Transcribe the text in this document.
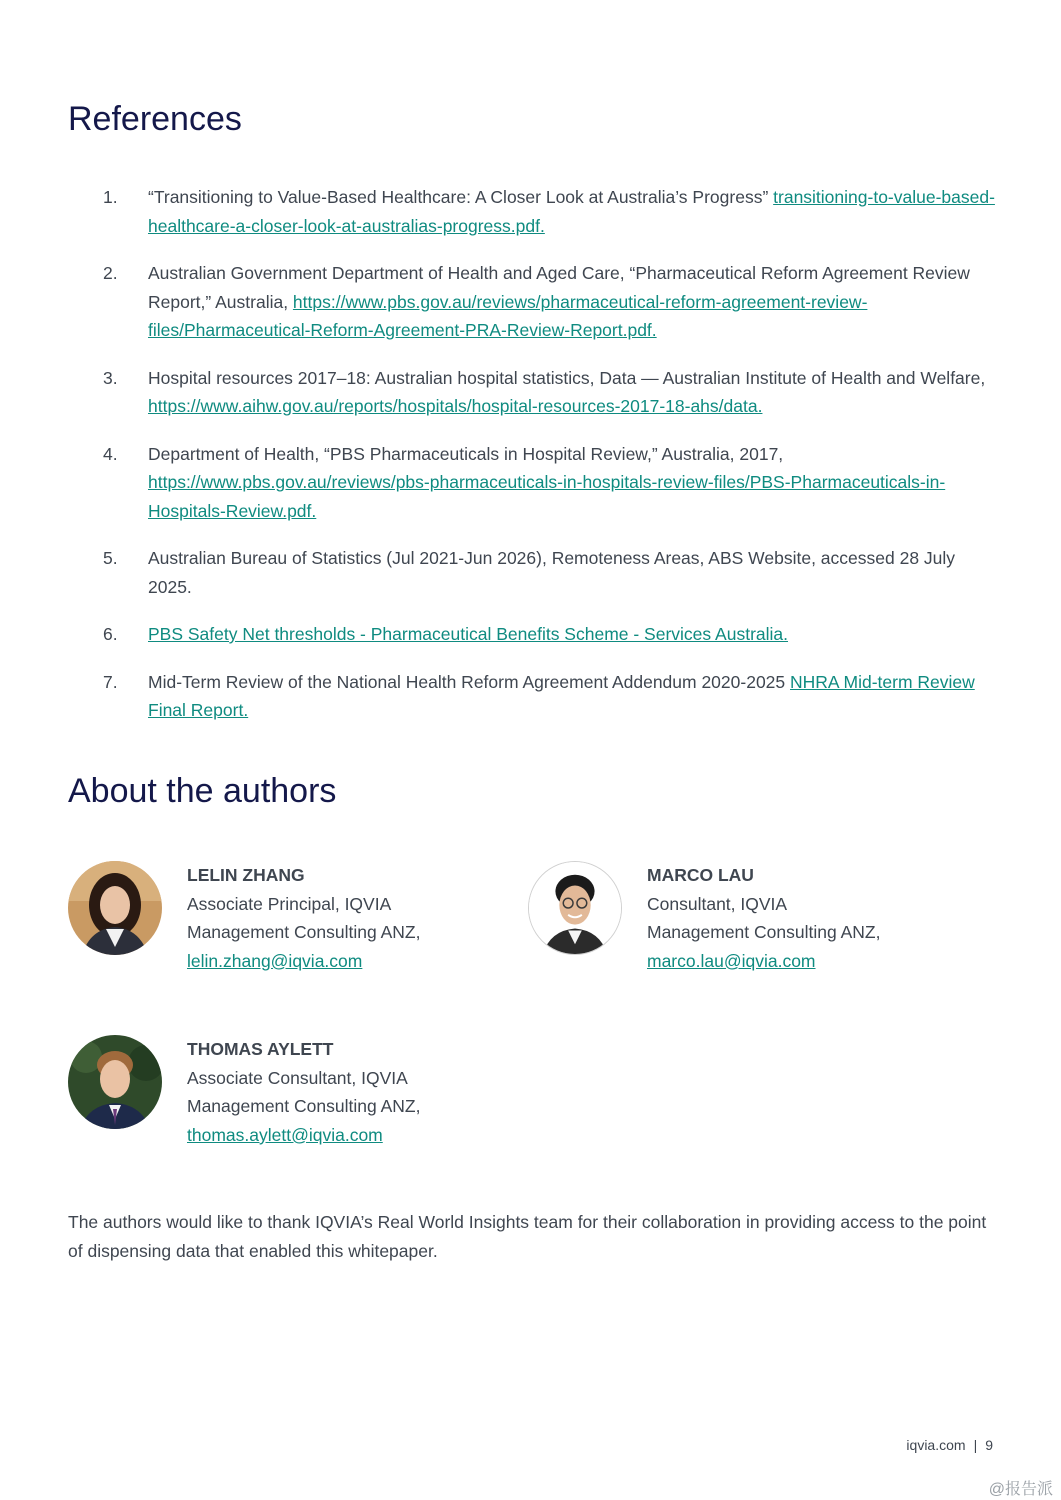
References
1.	“Transitioning to Value-Based Healthcare: A Closer Look at Australia’s Progress” transitioning-to-value-based-healthcare-a-closer-look-at-australias-progress.pdf.
2.	Australian Government Department of Health and Aged Care, “Pharmaceutical Reform Agreement Review Report,” Australia, https://www.pbs.gov.au/reviews/pharmaceutical-reform-agreement-review-files/Pharmaceutical-Reform-Agreement-PRA-Review-Report.pdf.
3.	Hospital resources 2017–18: Australian hospital statistics, Data — Australian Institute of Health and Welfare, https://www.aihw.gov.au/reports/hospitals/hospital-resources-2017-18-ahs/data.
4.	Department of Health, “PBS Pharmaceuticals in Hospital Review,” Australia, 2017, https://www.pbs.gov.au/reviews/pbs-pharmaceuticals-in-hospitals-review-files/PBS-Pharmaceuticals-in-Hospitals-Review.pdf.
5.	Australian Bureau of Statistics (Jul 2021-Jun 2026), Remoteness Areas, ABS Website, accessed 28 July 2025.
6.	PBS Safety Net thresholds - Pharmaceutical Benefits Scheme - Services Australia.
7.	Mid-Term Review of the National Health Reform Agreement Addendum 2020-2025 NHRA Mid-term Review Final Report.
About the authors
LELIN ZHANG
Associate Principal, IQVIA
Management Consulting ANZ,
lelin.zhang@iqvia.com
MARCO LAU
Consultant, IQVIA
Management Consulting ANZ,
marco.lau@iqvia.com
THOMAS AYLETT
Associate Consultant, IQVIA
Management Consulting ANZ,
thomas.aylett@iqvia.com

The authors would like to thank IQVIA’s Real World Insights team for their collaboration in providing access to the point of dispensing data that enabled this whitepaper.

iqvia.com | 9
@报告派
